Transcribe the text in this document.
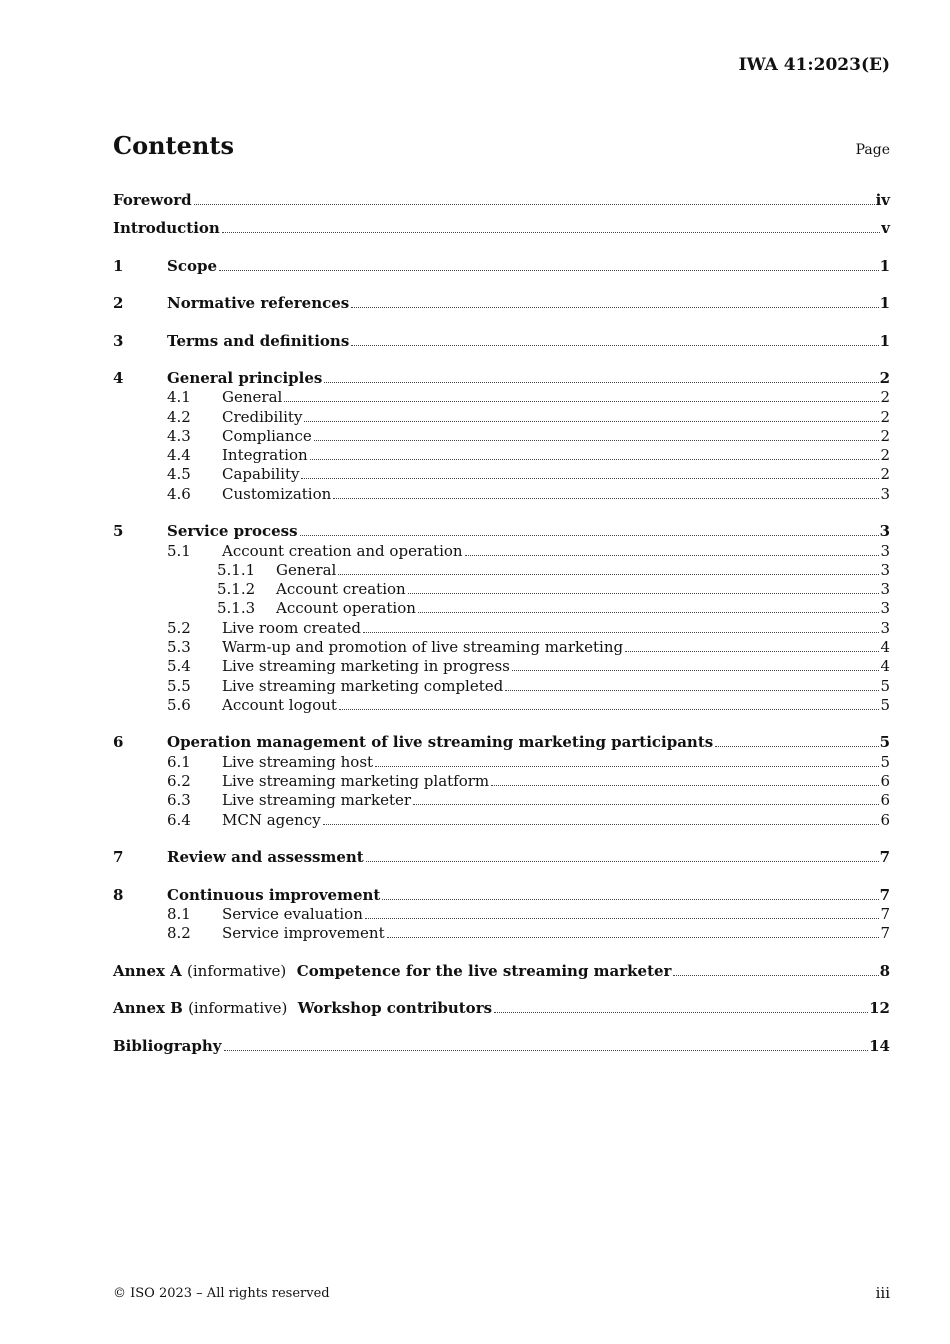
IWA 41:2023(E)
Contents	Page
Foreword	iv
Introduction	v
1	Scope	1
2	Normative references	1
3	Terms and definitions	1
4	General principles	2
4.1	General	2
4.2	Credibility	2
4.3	Compliance	2
4.4	Integration	2
4.5	Capability	2
4.6	Customization	3
5	Service process	3
5.1	Account creation and operation	3
5.1.1	General	3
5.1.2	Account creation	3
5.1.3	Account operation	3
5.2	Live room created	3
5.3	Warm-up and promotion of live streaming marketing	4
5.4	Live streaming marketing in progress	4
5.5	Live streaming marketing completed	5
5.6	Account logout	5
6	Operation management of live streaming marketing participants	5
6.1	Live streaming host	5
6.2	Live streaming marketing platform	6
6.3	Live streaming marketer	6
6.4	MCN agency	6
7	Review and assessment	7
8	Continuous improvement	7
8.1	Service evaluation	7
8.2	Service improvement	7
Annex A (informative) Competence for the live streaming marketer	8
Annex B (informative) Workshop contributors	12
Bibliography	14
© ISO 2023 – All rights reserved	iii
